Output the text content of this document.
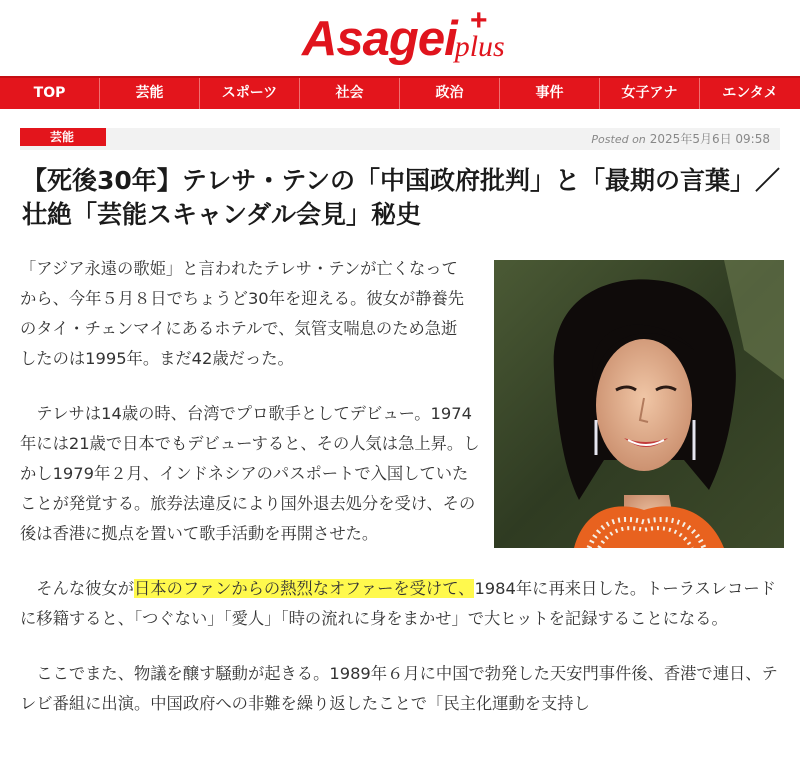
Asageiplus
+
TOP	芸能	スポーツ	社会	政治	事件	女子アナ	エンタメ
芸能	Posted on 2025年5月6日 09:58
【死後30年】テレサ・テンの「中国政府批判」と「最期の言葉」／壮絶「芸能スキャンダル会見」秘史

「アジア永遠の歌姫」と言われたテレサ・テンが亡くなってから、今年５月８日でちょうど30年を迎える。彼女が静養先のタイ・チェンマイにあるホテルで、気管支喘息のため急逝したのは1995年。まだ42歳だった。

テレサは14歳の時、台湾でプロ歌手としてデビュー。1974年には21歳で日本でもデビューすると、その人気は急上昇。しかし1979年２月、インドネシアのパスポートで入国していたことが発覚する。旅券法違反により国外退去処分を受け、その後は香港に拠点を置いて歌手活動を再開させた。

そんな彼女が日本のファンからの熱烈なオファーを受けて、1984年に再来日した。トーラスレコードに移籍すると、「つぐない」「愛人」「時の流れに身をまかせ」で大ヒットを記録することになる。

ここでまた、物議を醸す騒動が起きる。1989年６月に中国で勃発した天安門事件後、香港で連日、テレビ番組に出演。中国政府への非難を繰り返したことで「民主化運動を支持し
